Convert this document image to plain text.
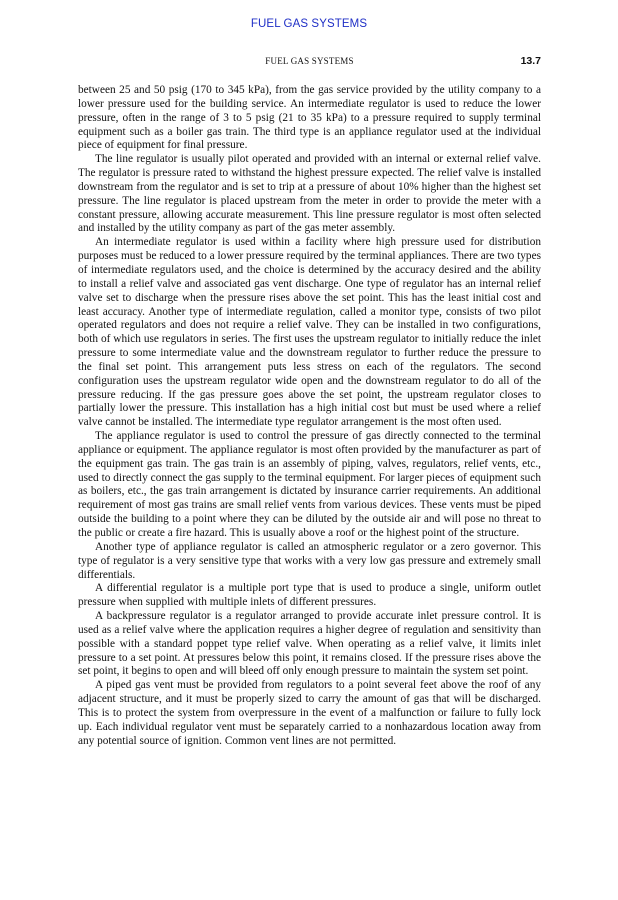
FUEL GAS SYSTEMS
FUEL GAS SYSTEMS	13.7

between 25 and 50 psig (170 to 345 kPa), from the gas service provided by the utility company to a lower pressure used for the building service. An intermediate regulator is used to reduce the lower pressure, often in the range of 3 to 5 psig (21 to 35 kPa) to a pressure required to supply terminal equipment such as a boiler gas train. The third type is an appliance regulator used at the individual piece of equipment for final pressure.

The line regulator is usually pilot operated and provided with an internal or external relief valve. The regulator is pressure rated to withstand the highest pressure expected. The relief valve is installed downstream from the regulator and is set to trip at a pressure of about 10% higher than the highest set pressure. The line regulator is placed upstream from the meter in order to provide the meter with a constant pressure, allowing accurate measurement. This line pressure regulator is most often selected and installed by the utility company as part of the gas meter assembly.

An intermediate regulator is used within a facility where high pressure used for distribution purposes must be reduced to a lower pressure required by the terminal appliances. There are two types of intermediate regulators used, and the choice is determined by the accuracy desired and the ability to install a relief valve and associated gas vent discharge. One type of regulator has an internal relief valve set to discharge when the pressure rises above the set point. This has the least initial cost and least accuracy. Another type of intermediate regulation, called a monitor type, consists of two pilot operated regulators and does not require a relief valve. They can be installed in two configurations, both of which use regulators in series. The first uses the upstream regulator to initially reduce the inlet pressure to some intermediate value and the downstream regulator to further reduce the pressure to the final set point. This arrangement puts less stress on each of the regulators. The second configuration uses the upstream regulator wide open and the downstream regulator to do all of the pressure reducing. If the gas pressure goes above the set point, the upstream regulator closes to partially lower the pressure. This installation has a high initial cost but must be used where a relief valve cannot be installed. The intermediate type regulator arrangement is the most often used.

The appliance regulator is used to control the pressure of gas directly connected to the terminal appliance or equipment. The appliance regulator is most often provided by the manufacturer as part of the equipment gas train. The gas train is an assembly of piping, valves, regulators, relief vents, etc., used to directly connect the gas supply to the terminal equipment. For larger pieces of equipment such as boilers, etc., the gas train arrangement is dictated by insurance carrier requirements. An additional requirement of most gas trains are small relief vents from various devices. These vents must be piped outside the building to a point where they can be diluted by the outside air and will pose no threat to the public or create a fire hazard. This is usually above a roof or the highest point of the structure.

Another type of appliance regulator is called an atmospheric regulator or a zero governor. This type of regulator is a very sensitive type that works with a very low gas pressure and extremely small differentials.

A differential regulator is a multiple port type that is used to produce a single, uniform outlet pressure when supplied with multiple inlets of different pressures.

A backpressure regulator is a regulator arranged to provide accurate inlet pressure control. It is used as a relief valve where the application requires a higher degree of regulation and sensitivity than possible with a standard poppet type relief valve. When operating as a relief valve, it limits inlet pressure to a set point. At pressures below this point, it remains closed. If the pressure rises above the set point, it begins to open and will bleed off only enough pressure to maintain the system set point.

A piped gas vent must be provided from regulators to a point several feet above the roof of any adjacent structure, and it must be properly sized to carry the amount of gas that will be discharged. This is to protect the system from overpressure in the event of a malfunction or failure to fully lock up. Each individual regulator vent must be separately carried to a nonhazardous location away from any potential source of ignition. Common vent lines are not permitted.
